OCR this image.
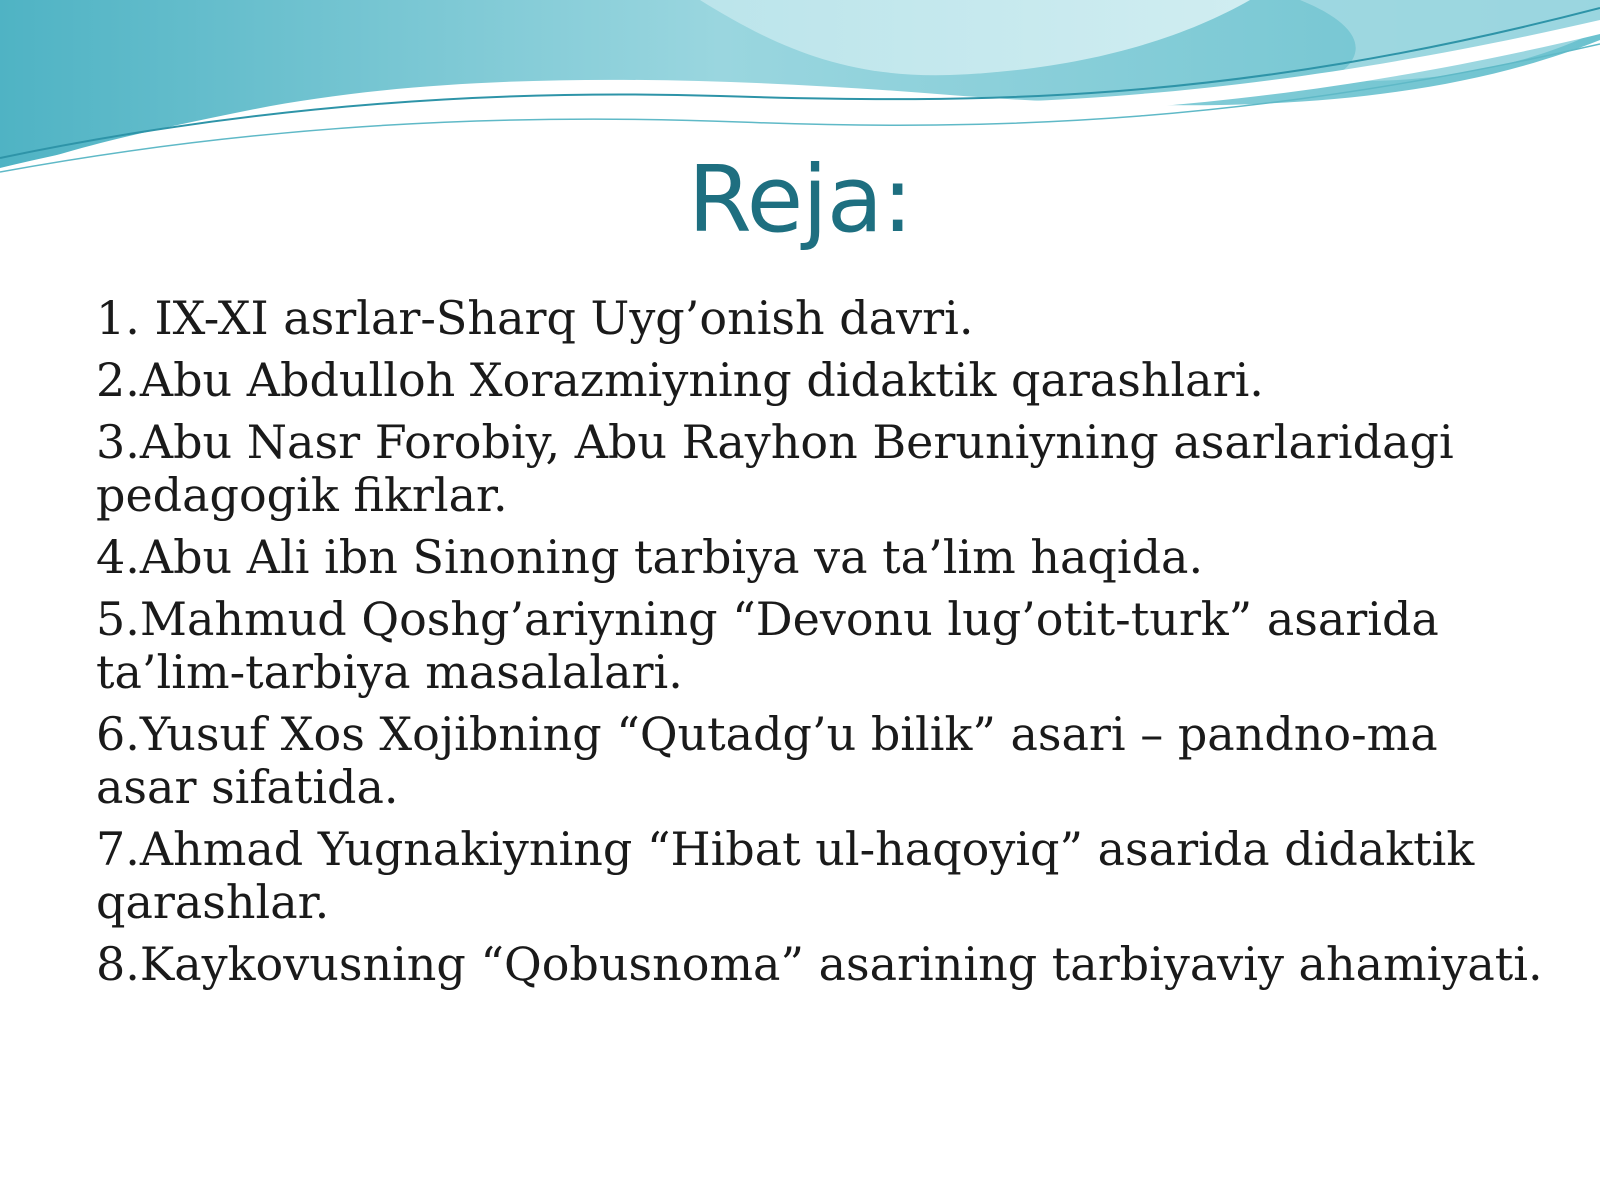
Reja:
1. IX-XI asrlar-Sharq Uyg’onish davri.
2.Abu Abdulloh Xorazmiyning didaktik qarashlari.
3.Abu Nasr Forobiy, Abu Rayhon Beruniyning asarlaridagi pedagogik fikrlar.
4.Abu Ali ibn Sinoning tarbiya va ta’lim haqida.
5.Mahmud Qoshg’ariyning “Devonu lug’otit-turk” asarida ta’lim-tarbiya masalalari.
6.Yusuf Xos Xojibning “Qutadg’u bilik” asari – pandno-ma asar sifatida.
7.Ahmad Yugnakiyning “Hibat ul-haqoyiq” asarida didaktik qarashlar.
8.Kaykovusning “Qobusnoma” asarining tarbiyaviy ahamiyati.
